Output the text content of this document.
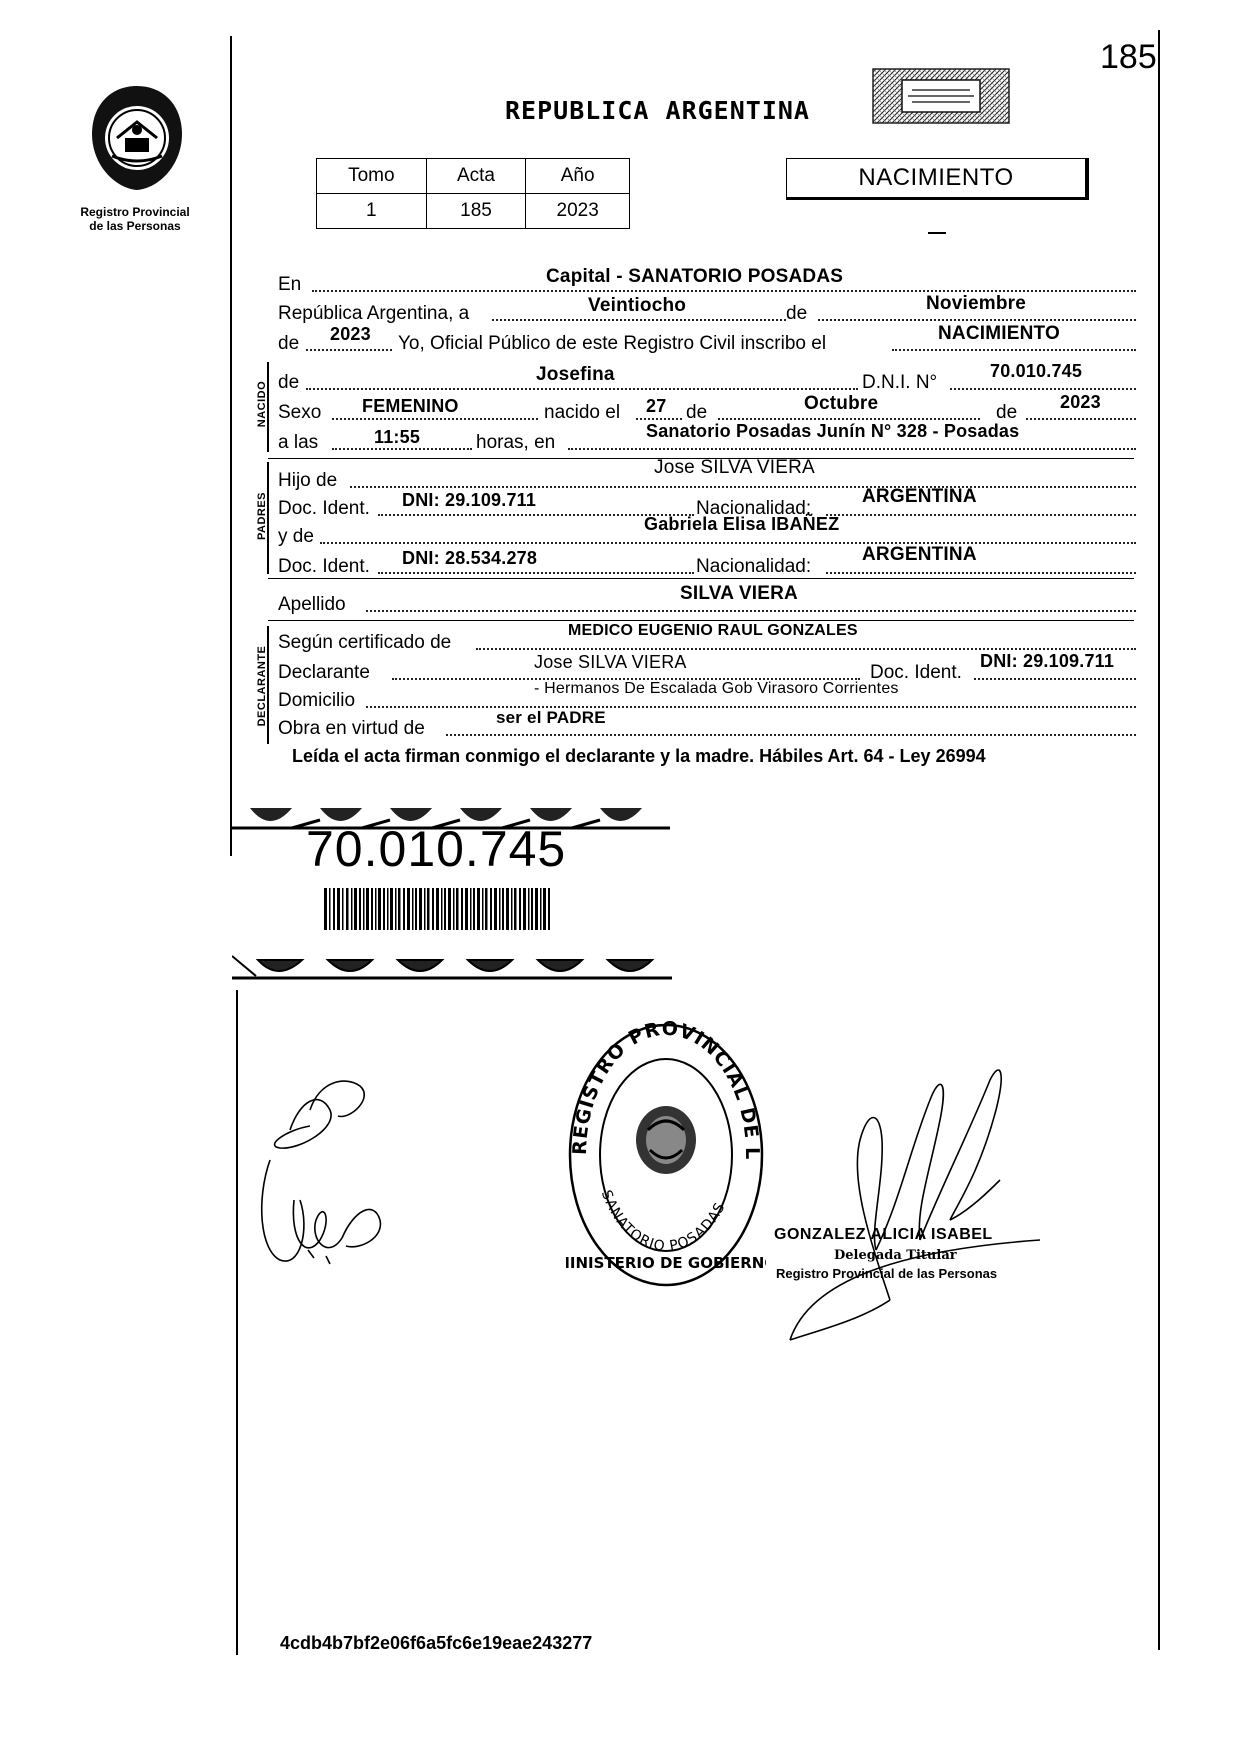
185
Registro Provincial
de las Personas
REPUBLICA ARGENTINA
Tomo	Acta	Año
1	185	2023
NACIMIENTO
En	Capital - SANATORIO POSADAS
República Argentina, a	Veintiocho	de	Noviembre
de 2023 Yo, Oficial Público de este Registro Civil inscribo el	NACIMIENTO
NACIDO de	Josefina	D.N.I. N°
70.010.745
Sexo FEMENINO	nacido el 27 de	Octubre	de 2023
a las	11:55	horas, en
Sanatorio Posadas Junín N° 328 - Posadas
PADRES
Hijo de
Jose SILVA VIERA
Doc. Ident. DNI: 29.109.711	Nacionalidad:
ARGENTINA
y de
Gabriela Elisa IBAÑEZ
Doc. Ident. DNI: 28.534.278	Nacionalidad:
ARGENTINA
Apellido
SILVA VIERA
DECLARANTE
Según certificado de
MEDICO EUGENIO RAUL GONZALES
Declarante	Jose SILVA VIERA	Doc. Ident.
DNI: 29.109.711
Domicilio
- Hermanos De Escalada Gob Virasoro Corrientes
Obra en virtud de
ser el PADRE
Leída el acta firman conmigo el declarante y la madre. Hábiles Art. 64 - Ley 26994
70.010.745
REGISTRO PROVINCIAL DE L
SANATORIO POSADAS
MINISTERIO DE GOBIERNO
GONZALEZ ALICIA ISABEL
Delegada Titular
Registro Provincial de las Personas
4cdb4b7bf2e06f6a5fc6e19eae243277
